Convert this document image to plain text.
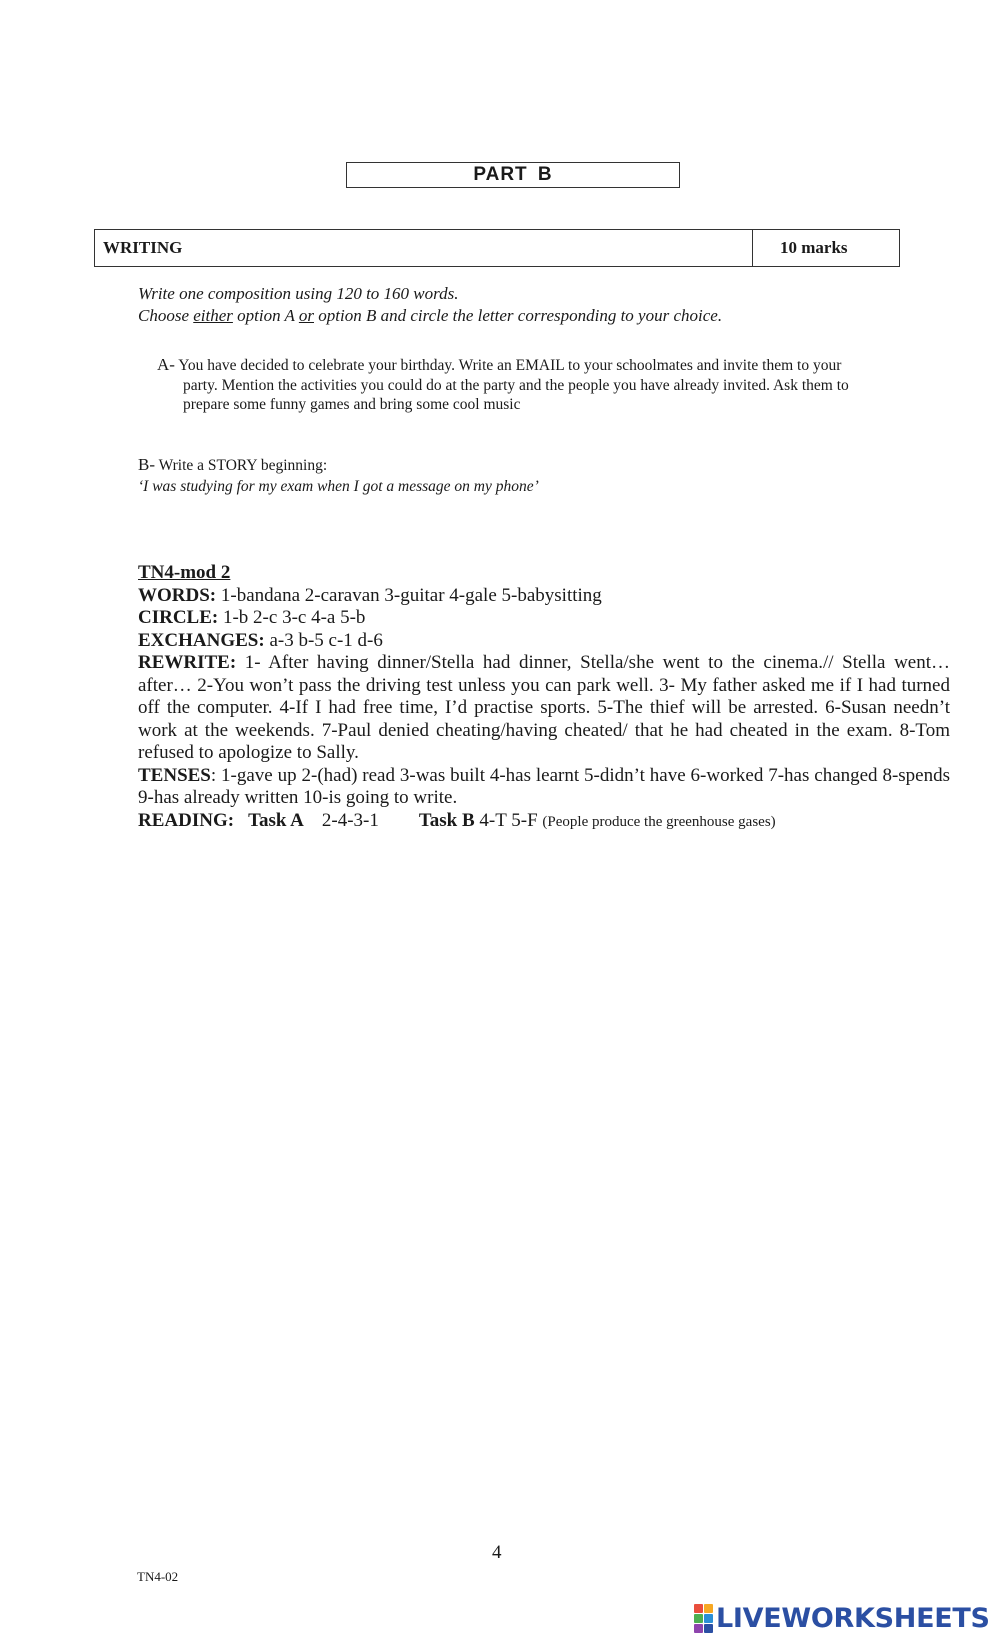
PART B
WRITING	10 marks
Write one composition using 120 to 160 words.
Choose either option A or option B and circle the letter corresponding to your choice.
A- You have decided to celebrate your birthday. Write an EMAIL to your schoolmates and invite them to your
party. Mention the activities you could do at the party and the people you have already invited. Ask them to prepare some funny games and bring some cool music
B- Write a STORY beginning:
‘I was studying for my exam when I got a message on my phone’
TN4-mod 2
WORDS: 1-bandana 2-caravan 3-guitar 4-gale 5-babysitting
CIRCLE: 1-b 2-c 3-c 4-a 5-b
EXCHANGES: a-3 b-5 c-1 d-6
REWRITE: 1- After having dinner/Stella had dinner, Stella/she went to the cinema.// Stella went…after… 2-You won’t pass the driving test unless you can park well. 3- My father asked me if I had turned off the computer. 4-If I had free time, I’d practise sports. 5-The thief will be arrested. 6-Susan needn’t work at the weekends. 7-Paul denied cheating/having cheated/ that he had cheated in the exam. 8-Tom refused to apologize to Sally.
TENSES: 1-gave up 2-(had) read 3-was built 4-has learnt 5-didn’t have 6-worked 7-has changed 8-spends 9-has already written 10-is going to write.
READING: Task A 2-4-3-1 Task B 4-T 5-F (People produce the greenhouse gases)
4
TN4-02
LIVEWORKSHEETS
